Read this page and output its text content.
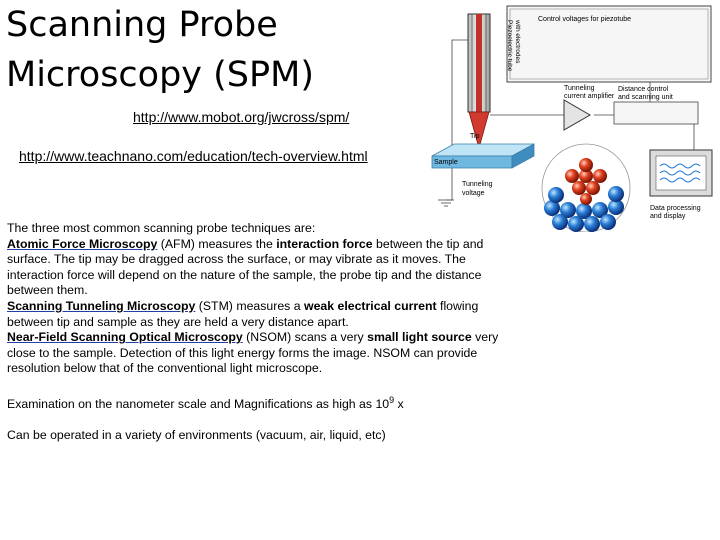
Scanning Probe Microscopy (SPM)
http://www.mobot.org/jwcross/spm/
http://www.teachnano.com/education/tech-overview.html

The three most common scanning probe techniques are:

Atomic Force Microscopy (AFM) measures the interaction force between the tip and surface. The tip may be dragged across the surface, or may vibrate as it moves. The interaction force will depend on the nature of the sample, the probe tip and the distance between them.

Scanning Tunneling Microscopy (STM) measures a weak electrical current flowing between tip and sample as they are held a very distance apart.

Near-Field Scanning Optical Microscopy (NSOM) scans a very small light source very close to the sample. Detection of this light energy forms the image. NSOM can provide resolution below that of the conventional light microscope.

Examination on the nanometer scale and Magnifications as high as $10^9$ x

Can be operated in a variety of environments (vacuum, air, liquid, etc)

Control voltages for piezotube
Piezoelectric tube with electrodes
Tip
Tunneling
current amplifier
Distance control
and scanning unit
Sample
Tunneling
voltage
Data processing
and display
